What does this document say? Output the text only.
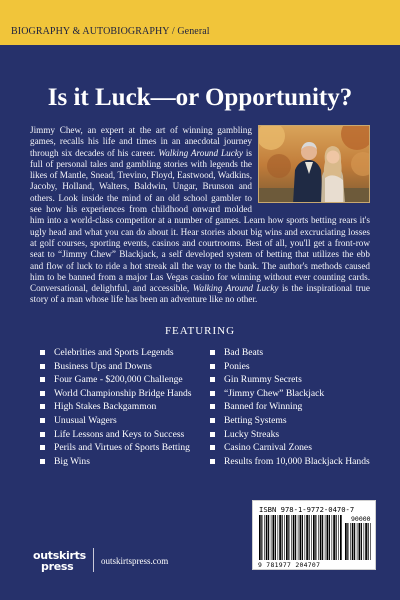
BIOGRAPHY & AUTOBIOGRAPHY / General
Is it Luck—or Opportunity?
Jimmy Chew, an expert at the art of winning gambling games, recalls his life and times in an anecdotal journey through six decades of his career. Walking Around Lucky is full of personal tales and gambling stories with legends the likes of Mantle, Snead, Trevino, Floyd, Eastwood, Wadkins, Jacoby, Holland, Walters, Baldwin, Ungar, Brunson and others. Look inside the mind of an old school gambler to see how his experiences from childhood onward molded him into a world-class competitor at a number of games. Learn how sports betting rears it's ugly head and what you can do about it. Hear stories about big wins and excruciating losses at golf courses, sporting events, casinos and courtrooms. Best of all, you'll get a front-row seat to “Jimmy Chew” Blackjack, a self developed system of betting that utilizes the ebb and flow of luck to ride a hot streak all the way to the bank. The author's methods caused him to be banned from a major Las Vegas casino for winning without ever counting cards. Conversational, delightful, and accessible, Walking Around Lucky is the inspirational true story of a man whose life has been an adventure like no other.
FEATURING
Celebrities and Sports Legends
Business Ups and Downs
Four Game - $200,000 Challenge
World Championship Bridge Hands
High Stakes Backgammon
Unusual Wagers
Life Lessons and Keys to Success
Perils and Virtues of Sports Betting
Big Wins
Bad Beats
Ponies
Gin Rummy Secrets
“Jimmy Chew” Blackjack
Banned for Winning
Betting Systems
Lucky Streaks
Casino Carnival Zones
Results from 10,000 Blackjack Hands
90000
ISBN 978-1-9772-0470-7
9 781977 204707
outskirts
press	outskirtspress.com
